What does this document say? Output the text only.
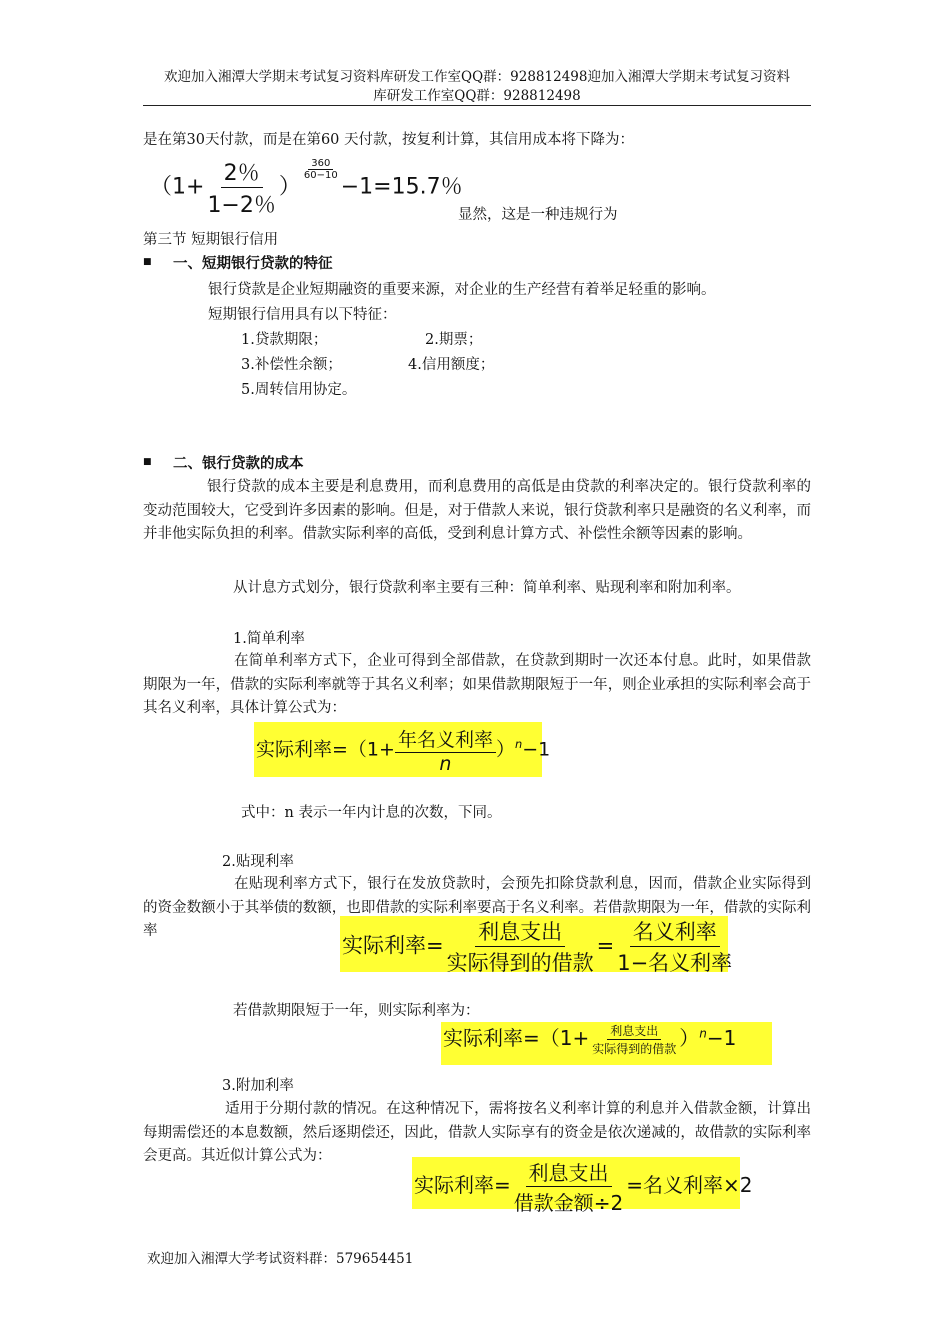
欢迎加入湘潭大学期末考试复习资料库研发工作室QQ群：928812498迎加入湘潭大学期末考试复习资料
库研发工作室QQ群：928812498
是在第30天付款，而是在第60 天付款，按复利计算，其信用成本将下降为：
（$1+ \frac{2\%}{1-2\%}$ ）
$\frac{360}{60-10}$
−1=15.7％
显然，这是一种违规行为
第三节 短期银行信用
■ 一、短期银行贷款的特征
银行贷款是企业短期融资的重要来源，对企业的生产经营有着举足轻重的影响。
短期银行信用具有以下特征：
1.贷款期限；	2.期票；
3.补偿性余额；	4.信用额度；
5.周转信用协定。
■ 二、银行贷款的成本
银行贷款的成本主要是利息费用，而利息费用的高低是由贷款的利率决定的。银行贷款利率的变动范围较大，它受到许多因素的影响。但是，对于借款人来说，银行贷款利率只是融资的名义利率，而并非他实际负担的利率。借款实际利率的高低，受到利息计算方式、补偿性余额等因素的影响。
从计息方式划分，银行贷款利率主要有三种：简单利率、贴现利率和附加利率。
1.简单利率
在简单利率方式下，企业可得到全部借款，在贷款到期时一次还本付息。此时，如果借款期限为一年，借款的实际利率就等于其名义利率；如果借款期限短于一年，则企业承担的实际利率会高于其名义利率，具体计算公式为：
实际利率$=(1+ \frac{\text{年名义利率}}{n} )^n-1$
式中：n 表示一年内计息的次数，下同。
2.贴现利率
在贴现利率方式下，银行在发放贷款时，会预先扣除贷款利息，因而，借款企业实际得到的资金数额小于其举债的数额，也即借款的实际利率要高于名义利率。若借款期限为一年，借款的实际利率
实际利率= $\frac{\text{利息支出}}{\text{实际得到的借款}} = \frac{\text{名义利率}}{\text{1−名义利率}}$
若借款期限短于一年，则实际利率为：
实际利率$=(1+ \frac{\text{利息支出}}{\text{实际得到的借款}} )^n-1$
3.附加利率
适用于分期付款的情况。在这种情况下，需将按名义利率计算的利息并入借款金额，计算出每期需偿还的本息数额，然后逐期偿还，因此，借款人实际享有的资金是依次递减的，故借款的实际利率会更高。其近似计算公式为：
实际利率= $\frac{\text{利息支出}}{\text{借款金额÷2}}$ =名义利率×2
欢迎加入湘潭大学考试资料群：579654451
